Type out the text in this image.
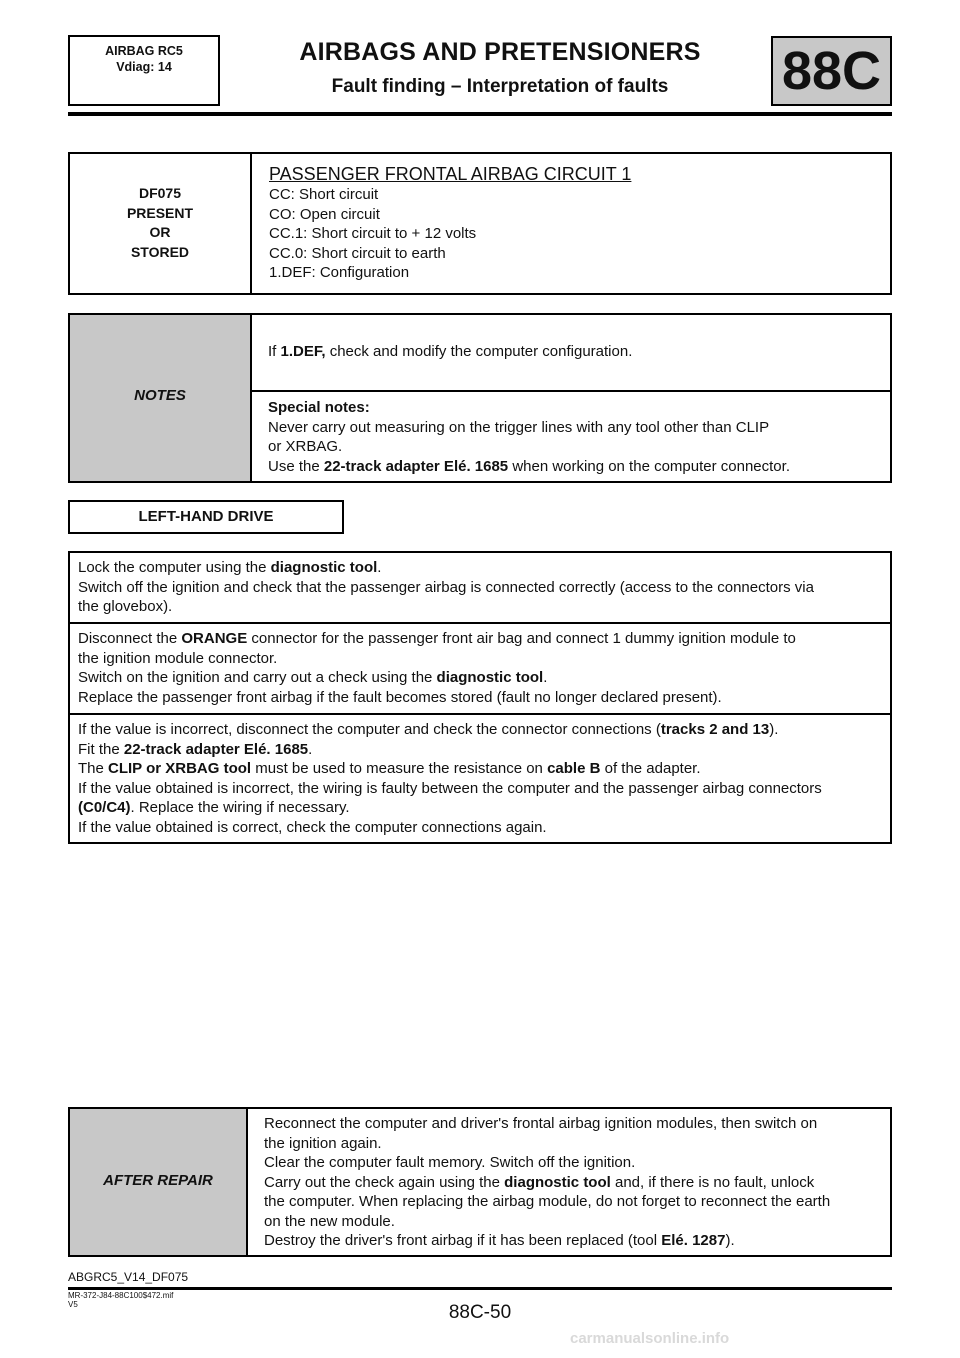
AIRBAG RC5
Vdiag: 14
AIRBAGS AND PRETENSIONERS
Fault finding – Interpretation of faults	88C
DF075
PRESENT
OR
STORED
PASSENGER FRONTAL AIRBAG CIRCUIT 1
CC: Short circuit
CO: Open circuit
CC.1: Short circuit to + 12 volts
CC.0: Short circuit to earth
1.DEF: Configuration
NOTES
If 1.DEF, check and modify the computer configuration.
Special notes:
Never carry out measuring on the trigger lines with any tool other than CLIP
or XRBAG.
Use the 22-track adapter Elé. 1685 when working on the computer connector.
LEFT-HAND DRIVE
Lock the computer using the diagnostic tool.
Switch off the ignition and check that the passenger airbag is connected correctly (access to the connectors via
the glovebox).
Disconnect the ORANGE connector for the passenger front air bag and connect 1 dummy ignition module to
the ignition module connector.
Switch on the ignition and carry out a check using the diagnostic tool.
Replace the passenger front airbag if the fault becomes stored (fault no longer declared present).
If the value is incorrect, disconnect the computer and check the connector connections (tracks 2 and 13).
Fit the 22-track adapter Elé. 1685.
The CLIP or XRBAG tool must be used to measure the resistance on cable B of the adapter.
If the value obtained is incorrect, the wiring is faulty between the computer and the passenger airbag connectors
(C0/C4). Replace the wiring if necessary.
If the value obtained is correct, check the computer connections again.
AFTER REPAIR
Reconnect the computer and driver's frontal airbag ignition modules, then switch on
the ignition again.
Clear the computer fault memory. Switch off the ignition.
Carry out the check again using the diagnostic tool and, if there is no fault, unlock
the computer. When replacing the airbag module, do not forget to reconnect the earth
on the new module.
Destroy the driver's front airbag if it has been replaced (tool Elé. 1287).
ABGRC5_V14_DF075
MR-372-J84-88C100$472.mif
V5	88C-50
carmanualsonline.info
